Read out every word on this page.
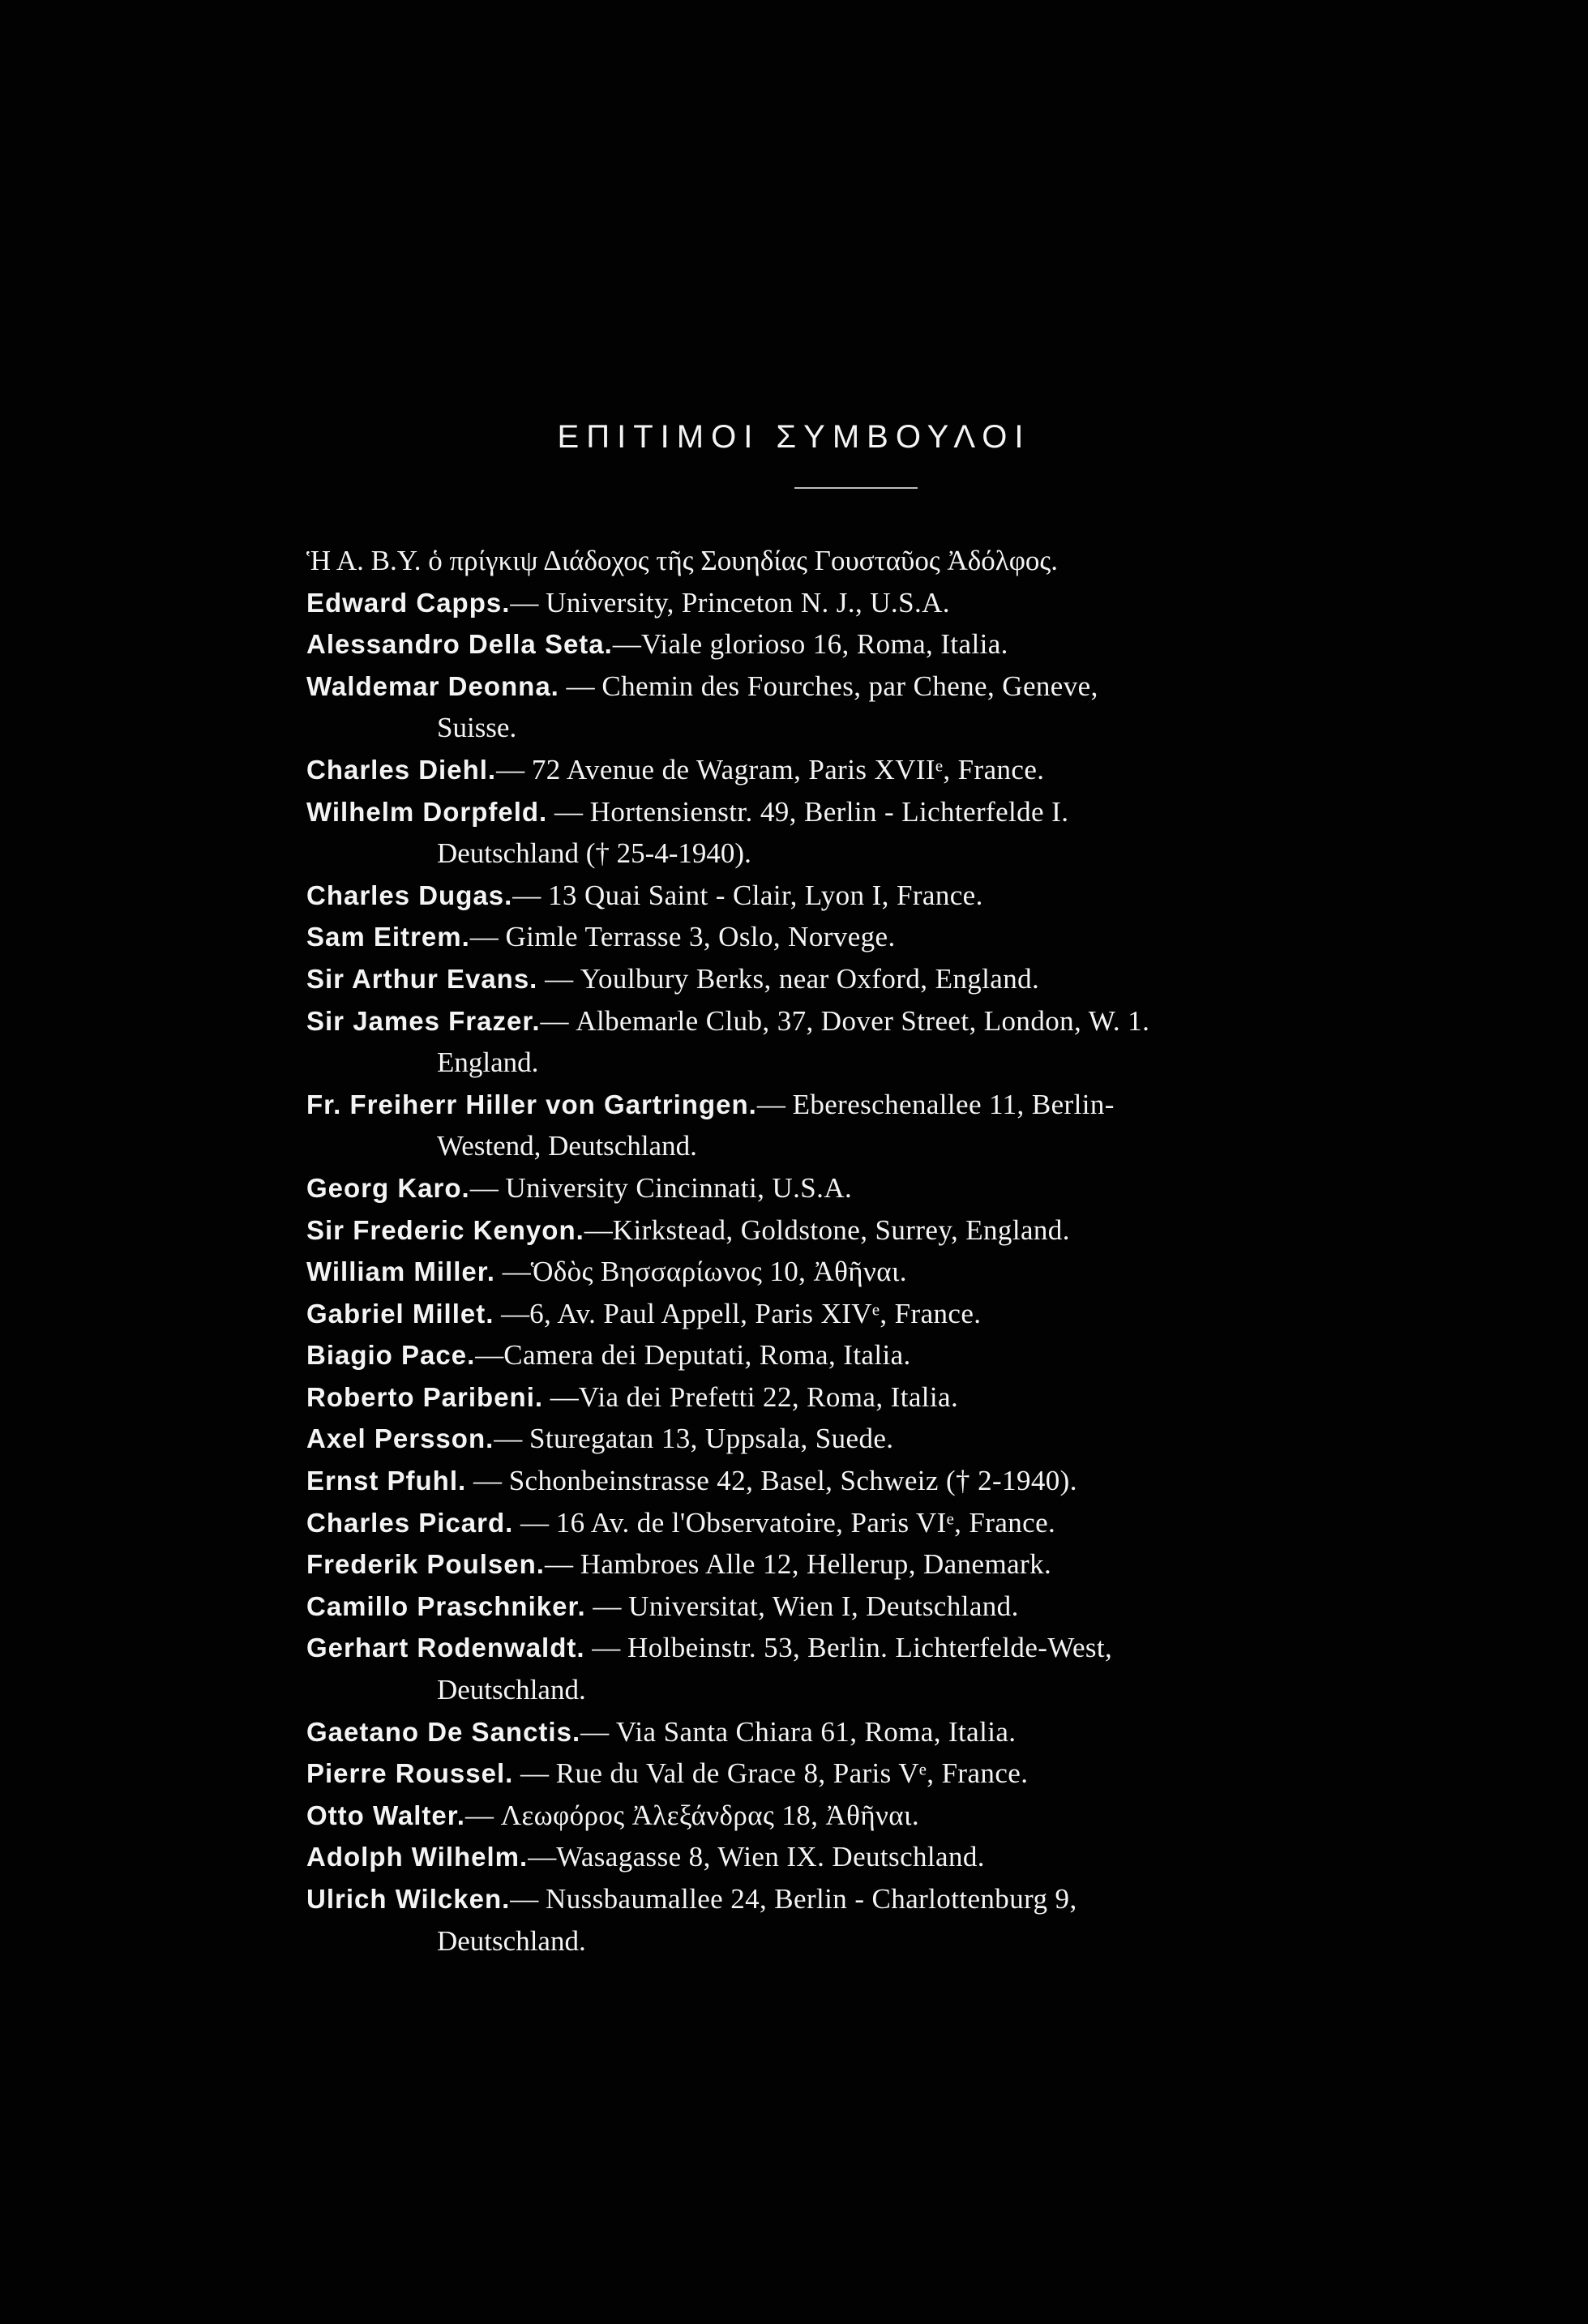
ΕΠΙΤΙΜΟΙ ΣΥΜΒΟΥΛΟΙ
Ἡ Α. Β.Υ. ὁ πρίγκιψ Διάδοχος τῆς Σουηδίας Γουσταῦος Ἀδόλφος.
Edward Capps.— University, Princeton N. J., U.S.A.
Alessandro Della Seta.—Viale glorioso 16, Roma, Italia.
Waldemar Deonna. — Chemin des Fourches, par Chene, Geneve,
Suisse.
Charles Diehl.— 72 Avenue de Wagram, Paris XVIIᵉ, France.
Wilhelm Dorpfeld. — Hortensienstr. 49, Berlin - Lichterfelde I.
Deutschland († 25-4-1940).
Charles Dugas.— 13 Quai Saint - Clair, Lyon I, France.
Sam Eitrem.— Gimle Terrasse 3, Oslo, Norvege.
Sir Arthur Evans. — Youlbury Berks, near Oxford, England.
Sir James Frazer.— Albemarle Club, 37, Dover Street, London, W. 1.
England.
Fr. Freiherr Hiller von Gartringen.— Ebereschenallee 11, Berlin-
Westend, Deutschland.
Georg Karo.— University Cincinnati, U.S.A.
Sir Frederic Kenyon.—Kirkstead, Goldstone, Surrey, England.
William Miller. —Ὁδὸς Βησσαρίωνος 10, Ἀθῆναι.
Gabriel Millet. —6, Av. Paul Appell, Paris XIVᵉ, France.
Biagio Pace.—Camera dei Deputati, Roma, Italia.
Roberto Paribeni. —Via dei Prefetti 22, Roma, Italia.
Axel Persson.— Sturegatan 13, Uppsala, Suede.
Ernst Pfuhl. — Schonbeinstrasse 42, Basel, Schweiz († 2-1940).
Charles Picard. — 16 Av. de l'Observatoire, Paris VIᵉ, France.
Frederik Poulsen.— Hambroes Alle 12, Hellerup, Danemark.
Camillo Praschniker. — Universitat, Wien I, Deutschland.
Gerhart Rodenwaldt. — Holbeinstr. 53, Berlin. Lichterfelde-West,
Deutschland.
Gaetano De Sanctis.— Via Santa Chiara 61, Roma, Italia.
Pierre Roussel. — Rue du Val de Grace 8, Paris Vᵉ, France.
Otto Walter.— Λεωφόρος Ἀλεξάνδρας 18, Ἀθῆναι.
Adolph Wilhelm.—Wasagasse 8, Wien IX. Deutschland.
Ulrich Wilcken.— Nussbaumallee 24, Berlin - Charlottenburg 9,
Deutschland.
